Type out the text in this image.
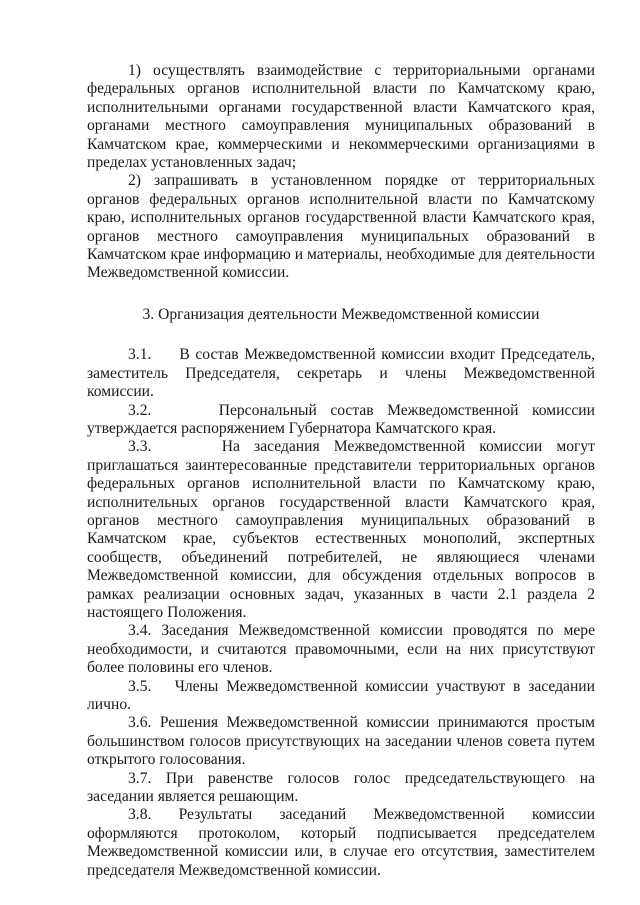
1) осуществлять взаимодействие с территориальными органами федеральных органов исполнительной власти по Камчатскому краю, исполнительными органами государственной власти Камчатского края, органами местного самоуправления муниципальных образований в Камчатском крае, коммерческими и некоммерческими организациями в пределах установленных задач;

2) запрашивать в установленном порядке от территориальных органов федеральных органов исполнительной власти по Камчатскому краю, исполнительных органов государственной власти Камчатского края, органов местного самоуправления муниципальных образований в Камчатском крае информацию и материалы, необходимые для деятельности Межведомственной комиссии.

3. Организация деятельности Межведомственной комиссии

3.1. В состав Межведомственной комиссии входит Председатель, заместитель Председателя, секретарь и члены Межведомственной комиссии.

3.2.	Персональный состав Межведомственной комиссии утверждается распоряжением Губернатора Камчатского края.

3.3.	На заседания Межведомственной комиссии могут приглашаться заинтересованные представители территориальных органов федеральных органов исполнительной власти по Камчатскому краю, исполнительных органов государственной власти Камчатского края, органов местного самоуправления муниципальных образований в Камчатском крае, субъектов естественных монополий, экспертных сообществ, объединений потребителей, не являющиеся членами Межведомственной комиссии, для обсуждения отдельных вопросов в рамках реализации основных задач, указанных в части 2.1 раздела 2 настоящего Положения.

3.4. Заседания Межведомственной комиссии проводятся по мере необходимости, и считаются правомочными, если на них присутствуют более половины его членов.

3.5. Члены Межведомственной комиссии участвуют в заседании лично.

3.6. Решения Межведомственной комиссии принимаются простым большинством голосов присутствующих на заседании членов совета путем открытого голосования.

3.7. При равенстве голосов голос председательствующего на заседании является решающим.

3.8. Результаты заседаний Межведомственной комиссии оформляются протоколом, который подписывается председателем Межведомственной комиссии или, в случае его отсутствия, заместителем председателя Межведомственной комиссии.
